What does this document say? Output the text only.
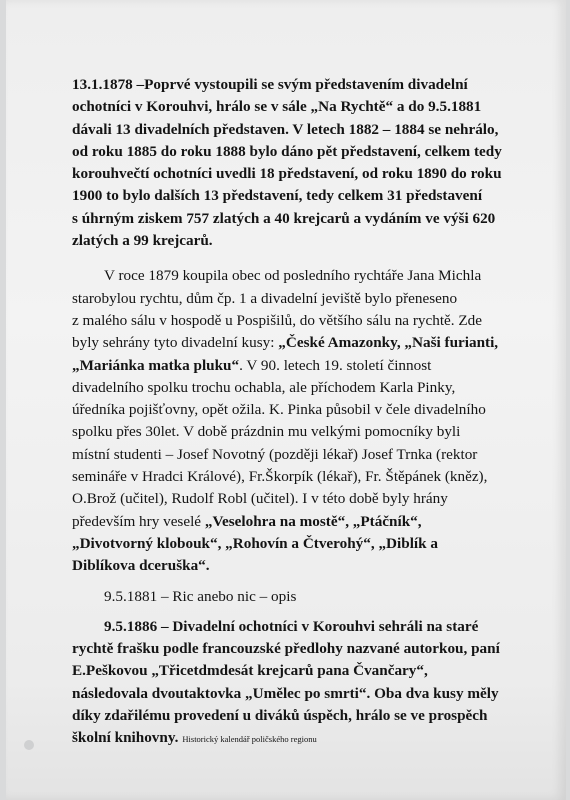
13.1.1878 –Poprvé vystoupili se svým představením divadelní
ochotníci v Korouhvi, hrálo se v sále „Na Rychtě“ a do 9.5.1881
dávali 13 divadelních představen. V letech 1882 – 1884 se nehrálo,
od roku 1885 do roku 1888 bylo dáno pět představení, celkem tedy
korouhvečtí ochotníci uvedli 18 představení, od roku 1890 do roku
1900 to bylo dalších 13 představení, tedy celkem 31 představení
s úhrným ziskem 757 zlatých a 40 krejcarů a vydáním ve výši 620
zlatých a 99 krejcarů.
V roce 1879 koupila obec od posledního rychtáře Jana Michla
starobylou rychtu, dům čp. 1 a divadelní jeviště bylo přeneseno
z malého sálu v hospodě u Pospišilů, do většího sálu na rychtě. Zde
byly sehrány tyto divadelní kusy: „České Amazonky, „Naši furianti,
„Mariánka matka pluku“. V 90. letech 19. století činnost
divadelního spolku trochu ochabla, ale příchodem Karla Pinky,
úředníka pojišťovny, opět ožila. K. Pinka působil v čele divadelního
spolku přes 30let. V době prázdnin mu velkými pomocníky byli
místní studenti – Josef Novotný (později lékař) Josef Trnka (rektor
semináře v Hradci Králové), Fr.Škorpík (lékař), Fr. Štěpánek (kněz),
O.Brož (učitel), Rudolf Robl (učitel). I v této době byly hrány
především hry veselé „Veselohra na mostě“, „Ptáčník“,
„Divotvorný klobouk“, „Rohovín a Čtverohý“, „Diblík a
Diblíkova dceruška“.
9.5.1881 – Ric anebo nic – opis
9.5.1886 – Divadelní ochotníci v Korouhvi sehráli na staré
rychtě frašku podle francouzské předlohy nazvané autorkou, paní
E.Peškovou „Třicetdmdesát krejcarů pana Čvančary“,
následovala dvoutaktovka „Umělec po smrti“. Oba dva kusy měly
díky zdařilému provedení u diváků úspěch, hrálo se ve prospěch
školní knihovny. Historický kalendář poličského regionu
